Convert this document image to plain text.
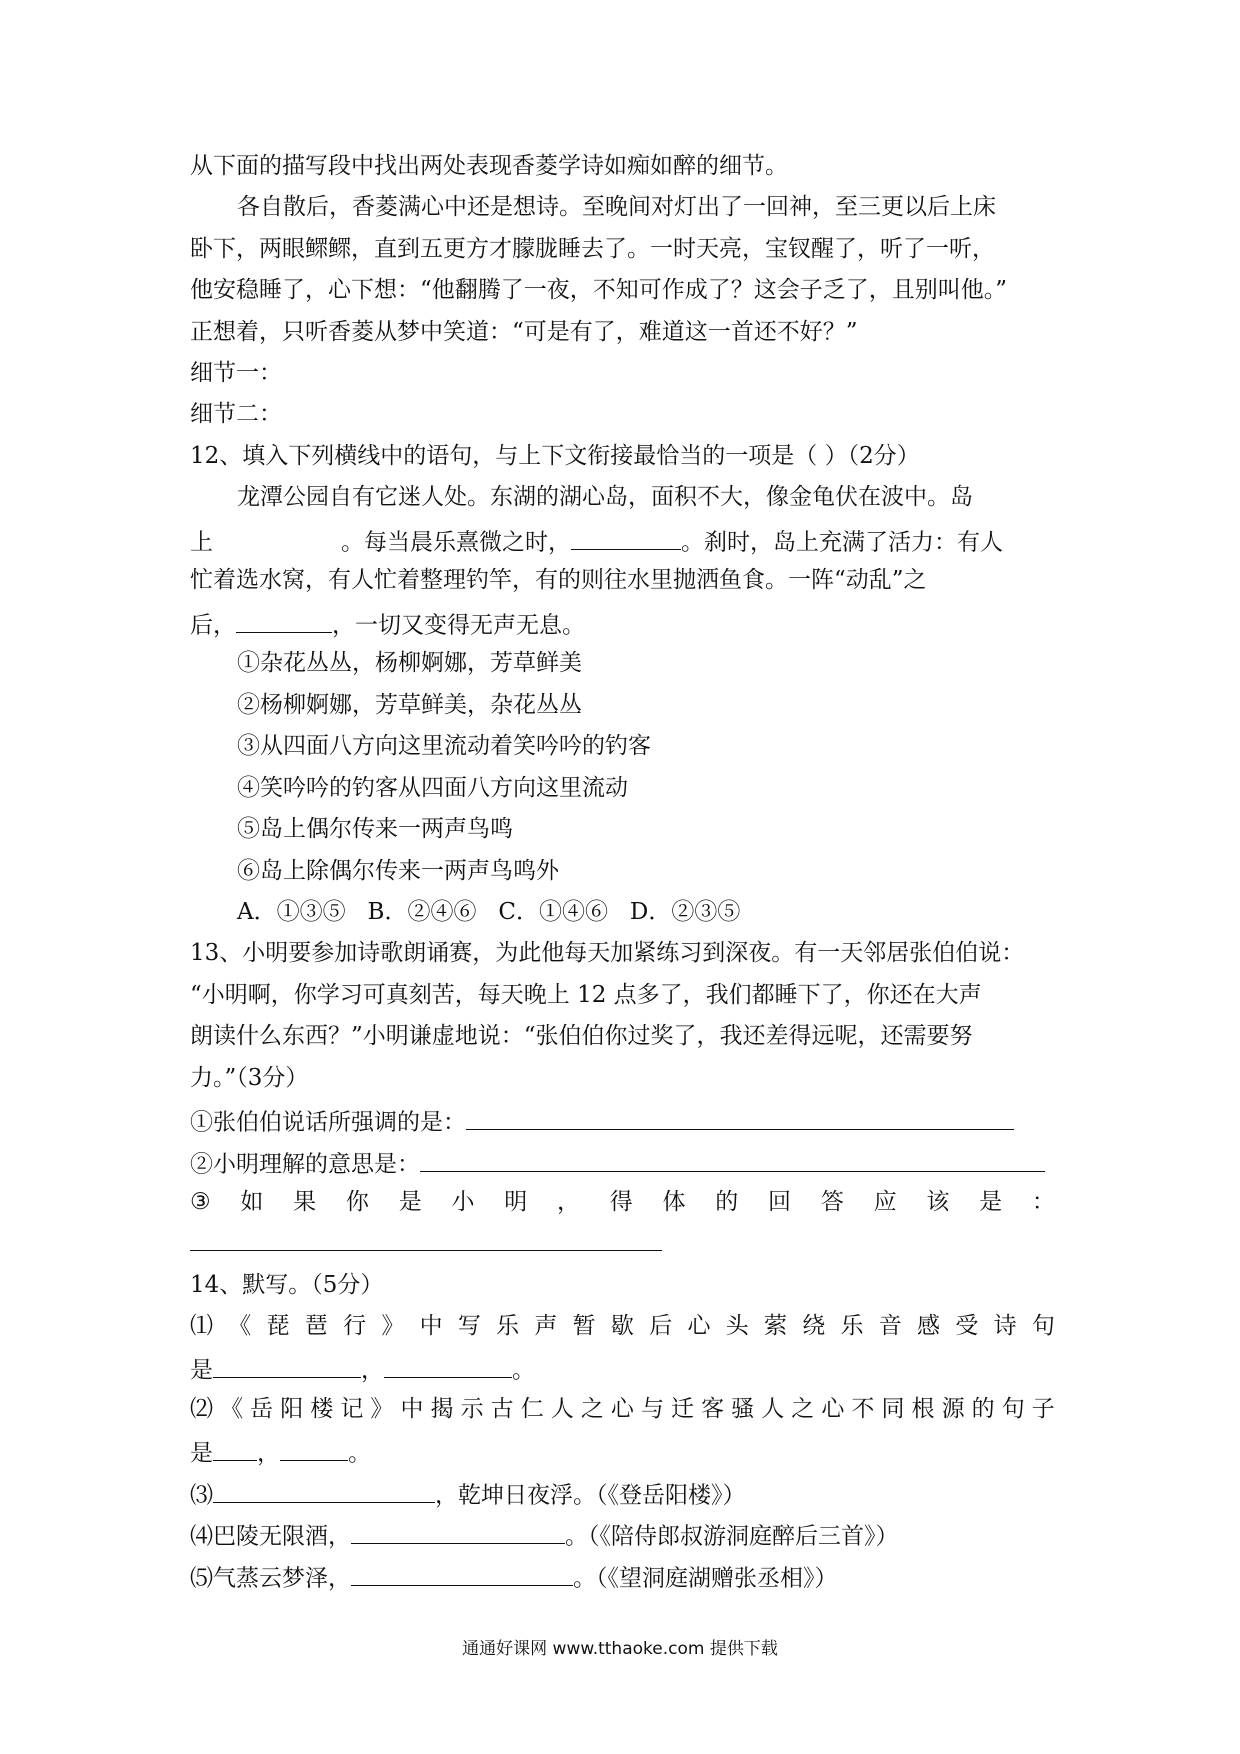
从下面的描写段中找出两处表现香菱学诗如痴如醉的细节。
各自散后，香菱满心中还是想诗。至晚间对灯出了一回神，至三更以后上床
卧下，两眼鳏鳏，直到五更方才朦胧睡去了。一时天亮，宝钗醒了，听了一听，
他安稳睡了，心下想：“他翻腾了一夜，不知可作成了？这会子乏了，且别叫他。”
正想着，只听香菱从梦中笑道：“可是有了，难道这一首还不好？”
细节一：
细节二：
12、填入下列横线中的语句，与上下文衔接最恰当的一项是（ ）（2分）
龙潭公园自有它迷人处。东湖的湖心岛，面积不大，像金龟伏在波中。岛
上	。每当晨乐熹微之时，	。刹时，岛上充满了活力：有人
忙着选水窝，有人忙着整理钓竿，有的则往水里抛洒鱼食。一阵“动乱”之
后，	，一切又变得无声无息。
①杂花丛丛，杨柳婀娜，芳草鲜美
②杨柳婀娜，芳草鲜美，杂花丛丛
③从四面八方向这里流动着笑吟吟的钓客
④笑吟吟的钓客从四面八方向这里流动
⑤岛上偶尔传来一两声鸟鸣
⑥岛上除偶尔传来一两声鸟鸣外
A．①③⑤   B．②④⑥   C．①④⑥   D．②③⑤
13、小明要参加诗歌朗诵赛，为此他每天加紧练习到深夜。有一天邻居张伯伯说：
“小明啊，你学习可真刻苦，每天晚上 12 点多了，我们都睡下了，你还在大声
朗读什么东西？”小明谦虚地说：“张伯伯你过奖了，我还差得远呢，还需要努
力。”（3分）
①张伯伯说话所强调的是：
②小明理解的意思是：
③ 如 果 你 是 小 明 ， 得 体 的 回 答 应 该 是 ：
14、默写。（5分）
⑴ 《 琵 琶 行 》 中 写 乐 声 暂 歇 后 心 头 萦 绕 乐 音 感 受 诗 句
是	，	。
⑵ 《 岳 阳 楼 记 》 中 揭 示 古 仁 人 之 心 与 迁 客 骚 人 之 心 不 同 根 源 的 句 子
是 ，	。
⑶	，乾坤日夜浮。（《登岳阳楼》）
⑷巴陵无限酒，	。（《陪侍郎叔游洞庭醉后三首》）
⑸气蒸云梦泽，	。（《望洞庭湖赠张丞相》）
通通好课网 www.tthaoke.com 提供下载
